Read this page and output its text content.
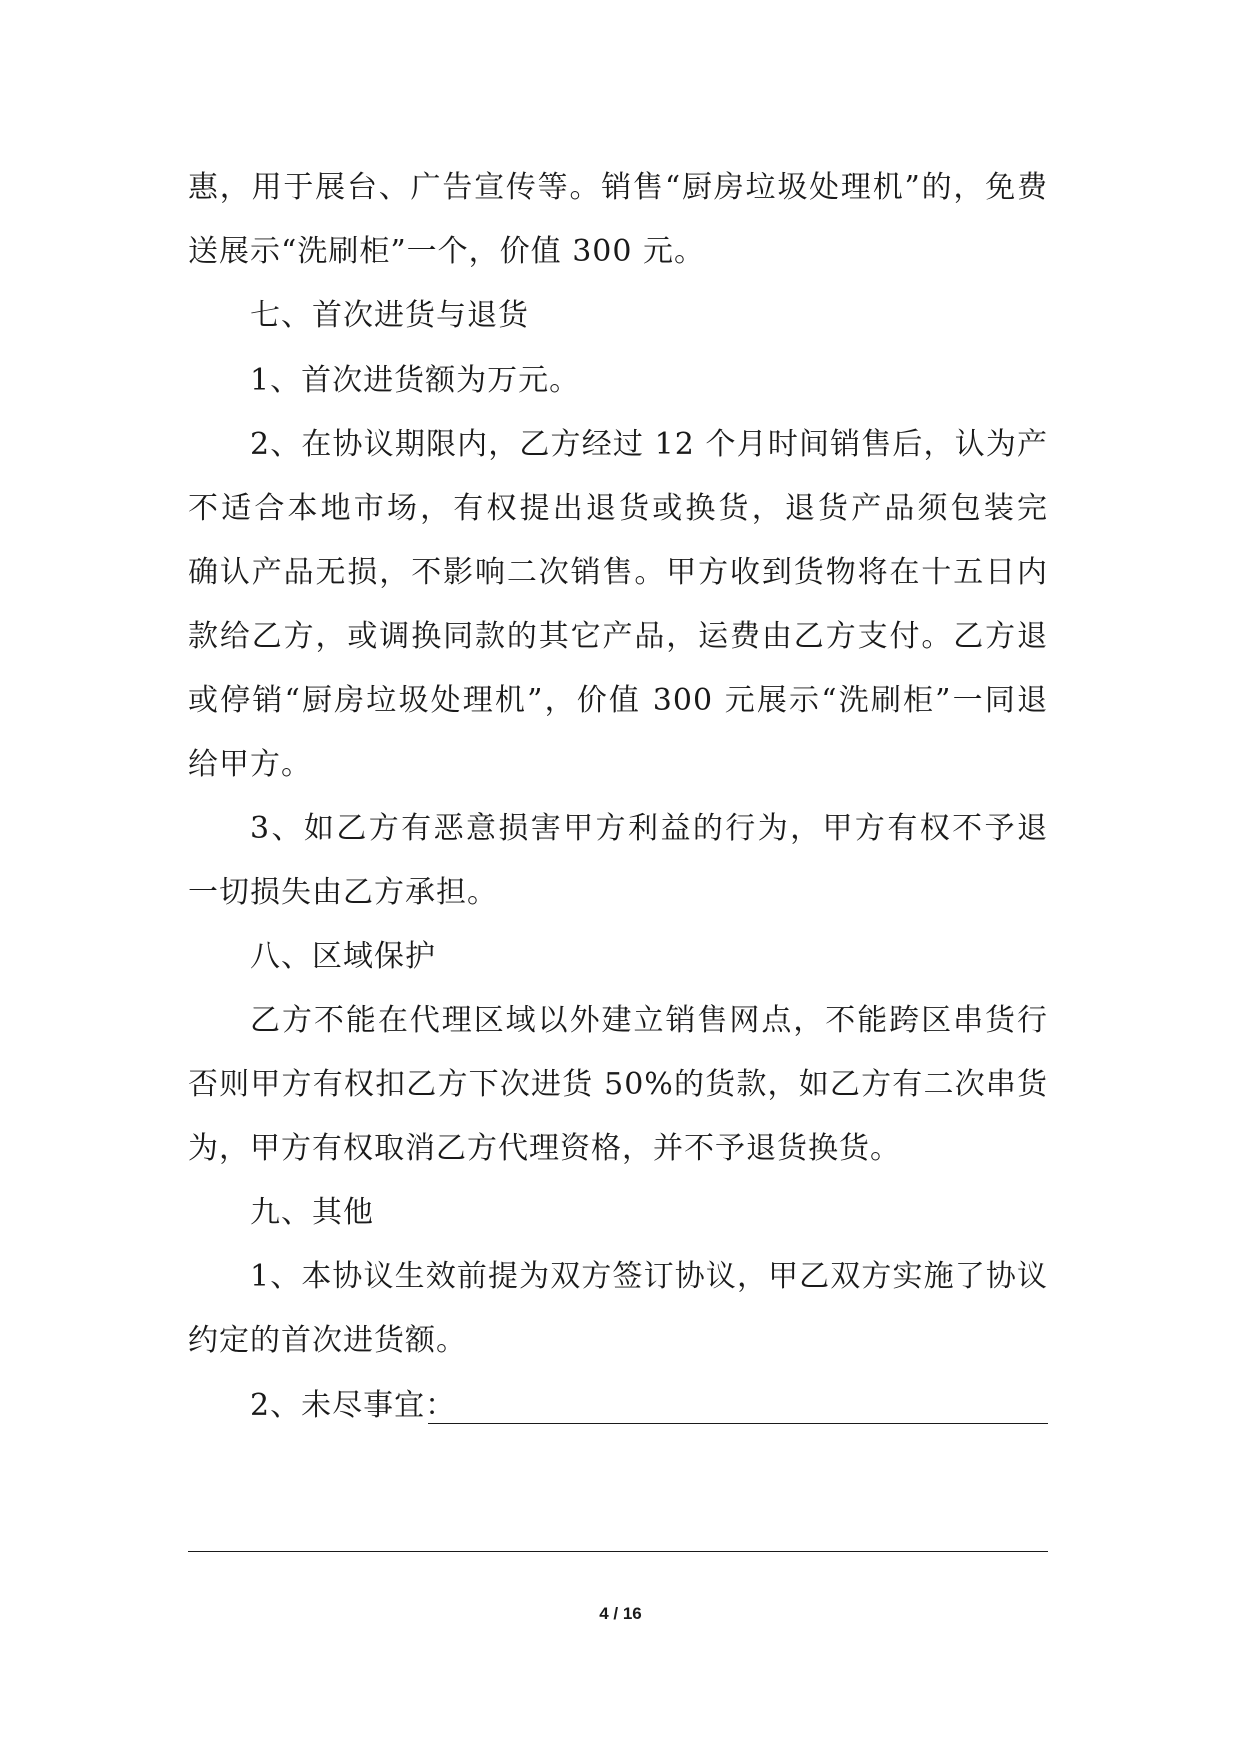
惠，用于展台、广告宣传等。销售“厨房垃圾处理机”的，免费
送展示“洗刷柜”一个，价值 300 元。
七、首次进货与退货
1、首次进货额为万元。
2、在协议期限内，乙方经过 12 个月时间销售后，认为产
不适合本地市场，有权提出退货或换货，退货产品须包装完
确认产品无损，不影响二次销售。甲方收到货物将在十五日内
款给乙方，或调换同款的其它产品，运费由乙方支付。乙方退
或停销“厨房垃圾处理机”，价值 300 元展示“洗刷柜”一同退
给甲方。
3、如乙方有恶意损害甲方利益的行为，甲方有权不予退
一切损失由乙方承担。
八、区域保护
乙方不能在代理区域以外建立销售网点，不能跨区串货行
否则甲方有权扣乙方下次进货 50%的货款，如乙方有二次串货
为，甲方有权取消乙方代理资格，并不予退货换货。
九、其他
1、本协议生效前提为双方签订协议，甲乙双方实施了协议
约定的首次进货额。
2、未尽事宜：
4 / 16
